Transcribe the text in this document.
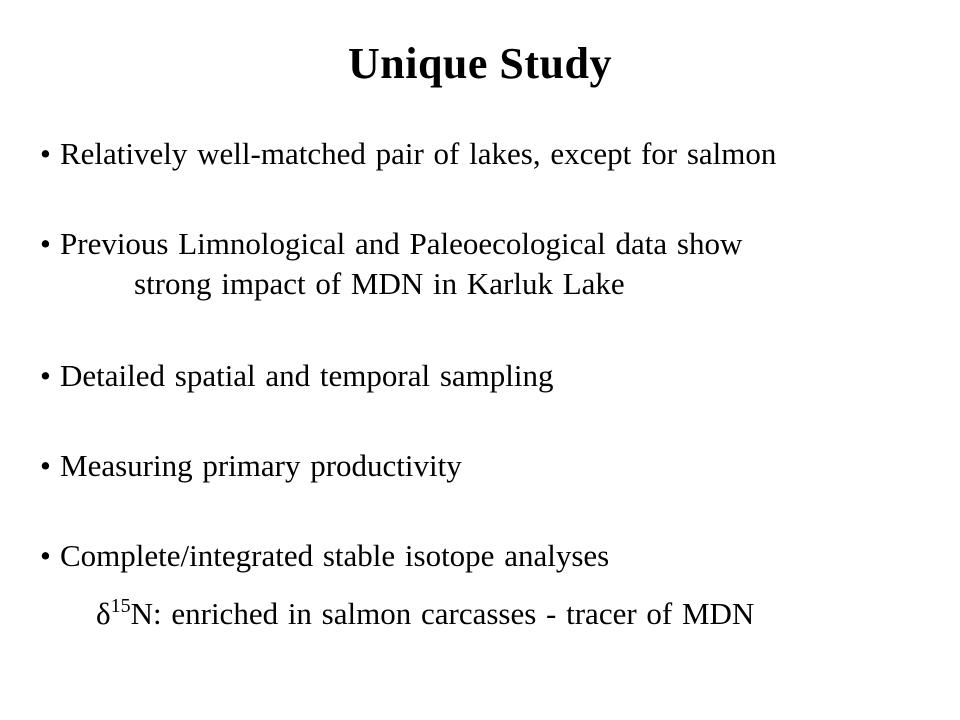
Unique Study
• Relatively well-matched pair of lakes, except for salmon
• Previous Limnological and Paleoecological data show
strong impact of MDN in Karluk Lake
• Detailed spatial and temporal sampling
• Measuring primary productivity
• Complete/integrated stable isotope analyses
$\delta^{15}N$: enriched in salmon carcasses - tracer of MDN
